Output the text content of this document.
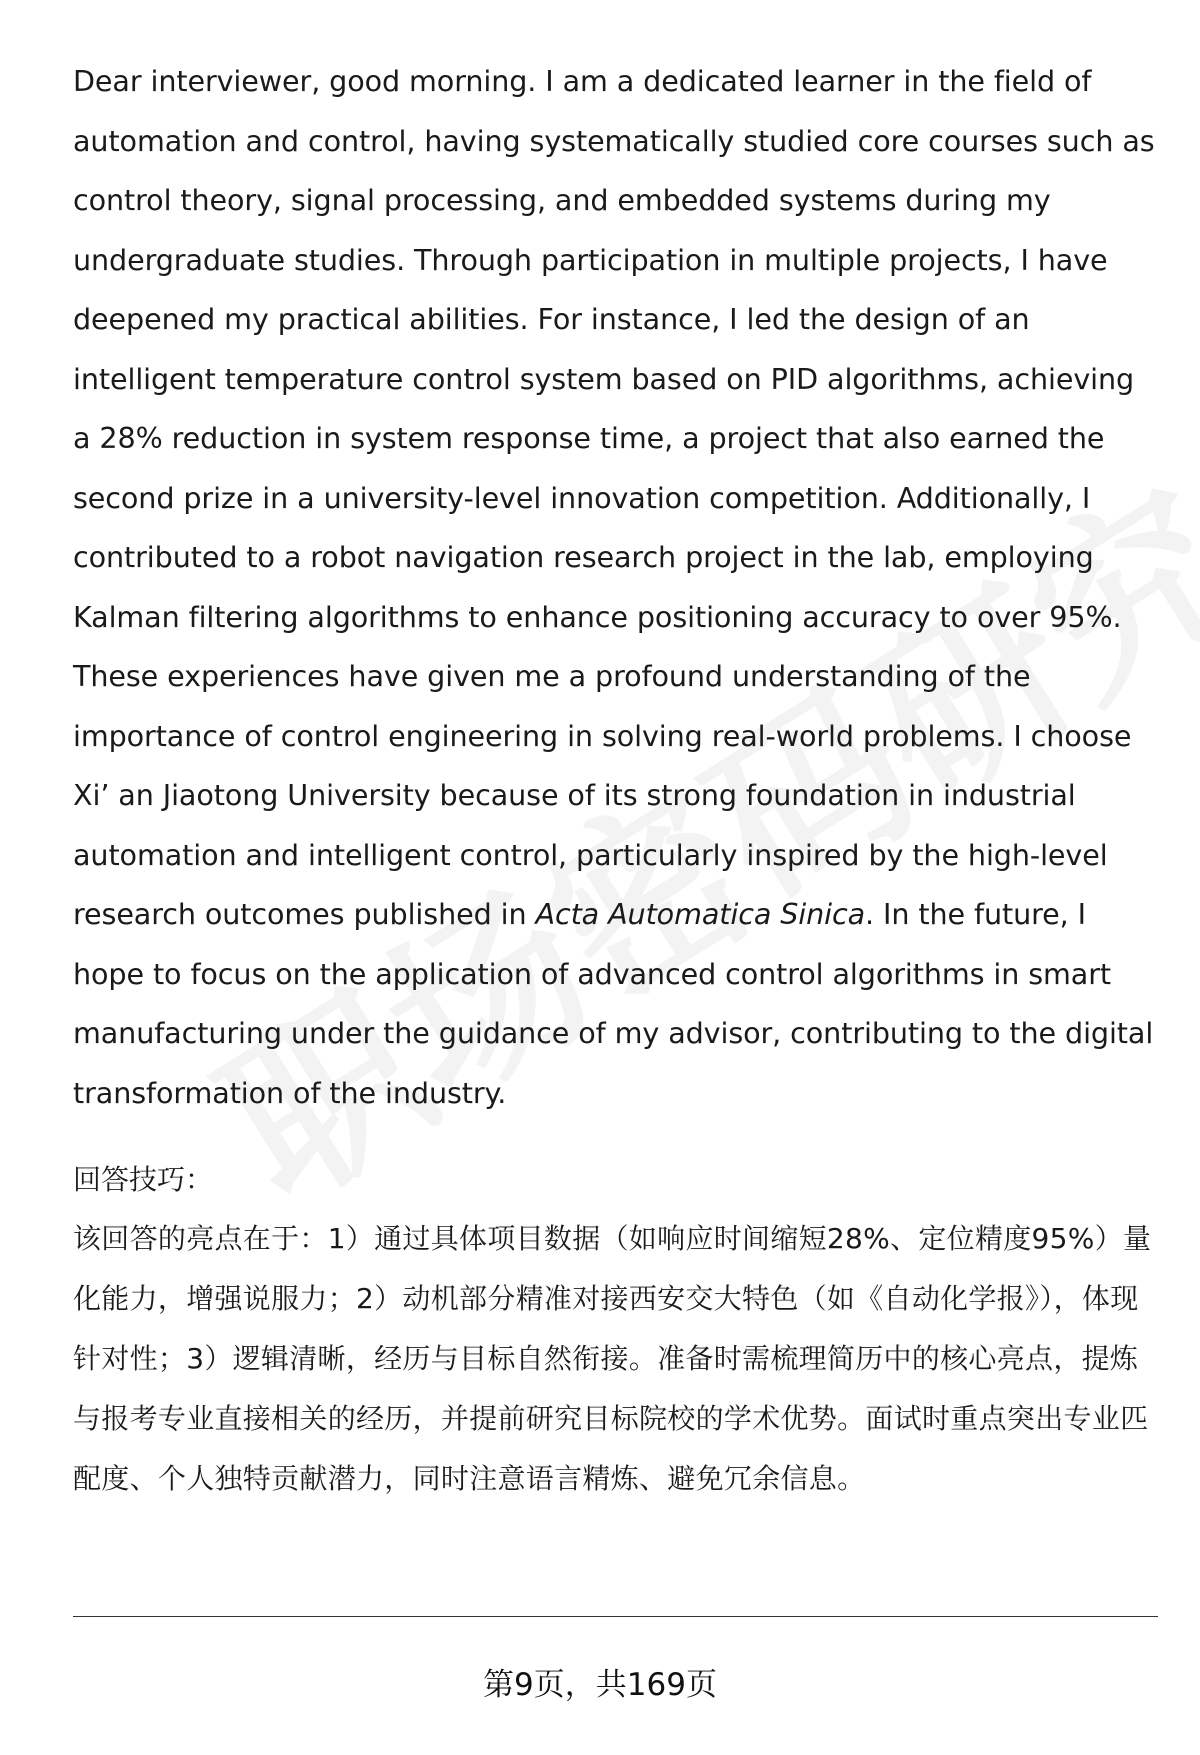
Dear interviewer, good morning. I am a dedicated learner in the field of automation and control, having systematically studied core courses such as control theory, signal processing, and embedded systems during my undergraduate studies. Through participation in multiple projects, I have deepened my practical abilities. For instance, I led the design of an intelligent temperature control system based on PID algorithms, achieving a 28% reduction in system response time, a project that also earned the second prize in a university-level innovation competition. Additionally, I contributed to a robot navigation research project in the lab, employing Kalman filtering algorithms to enhance positioning accuracy to over 95%. These experiences have given me a profound understanding of the importance of control engineering in solving real-world problems. I choose Xi’ an Jiaotong University because of its strong foundation in industrial automation and intelligent control, particularly inspired by the high-level research outcomes published in Acta Automatica Sinica. In the future, I hope to focus on the application of advanced control algorithms in smart manufacturing under the guidance of my advisor, contributing to the digital transformation of the industry.

回答技巧：

该回答的亮点在于：1）通过具体项目数据（如响应时间缩短28%、定位精度95%）量化能力，增强说服力；2）动机部分精准对接西安交大特色（如《自动化学报》），体现针对性；3）逻辑清晰，经历与目标自然衔接。准备时需梳理简历中的核心亮点，提炼与报考专业直接相关的经历，并提前研究目标院校的学术优势。面试时重点突出专业匹配度、个人独特贡献潜力，同时注意语言精炼、避免冗余信息。

第9页，共169页
